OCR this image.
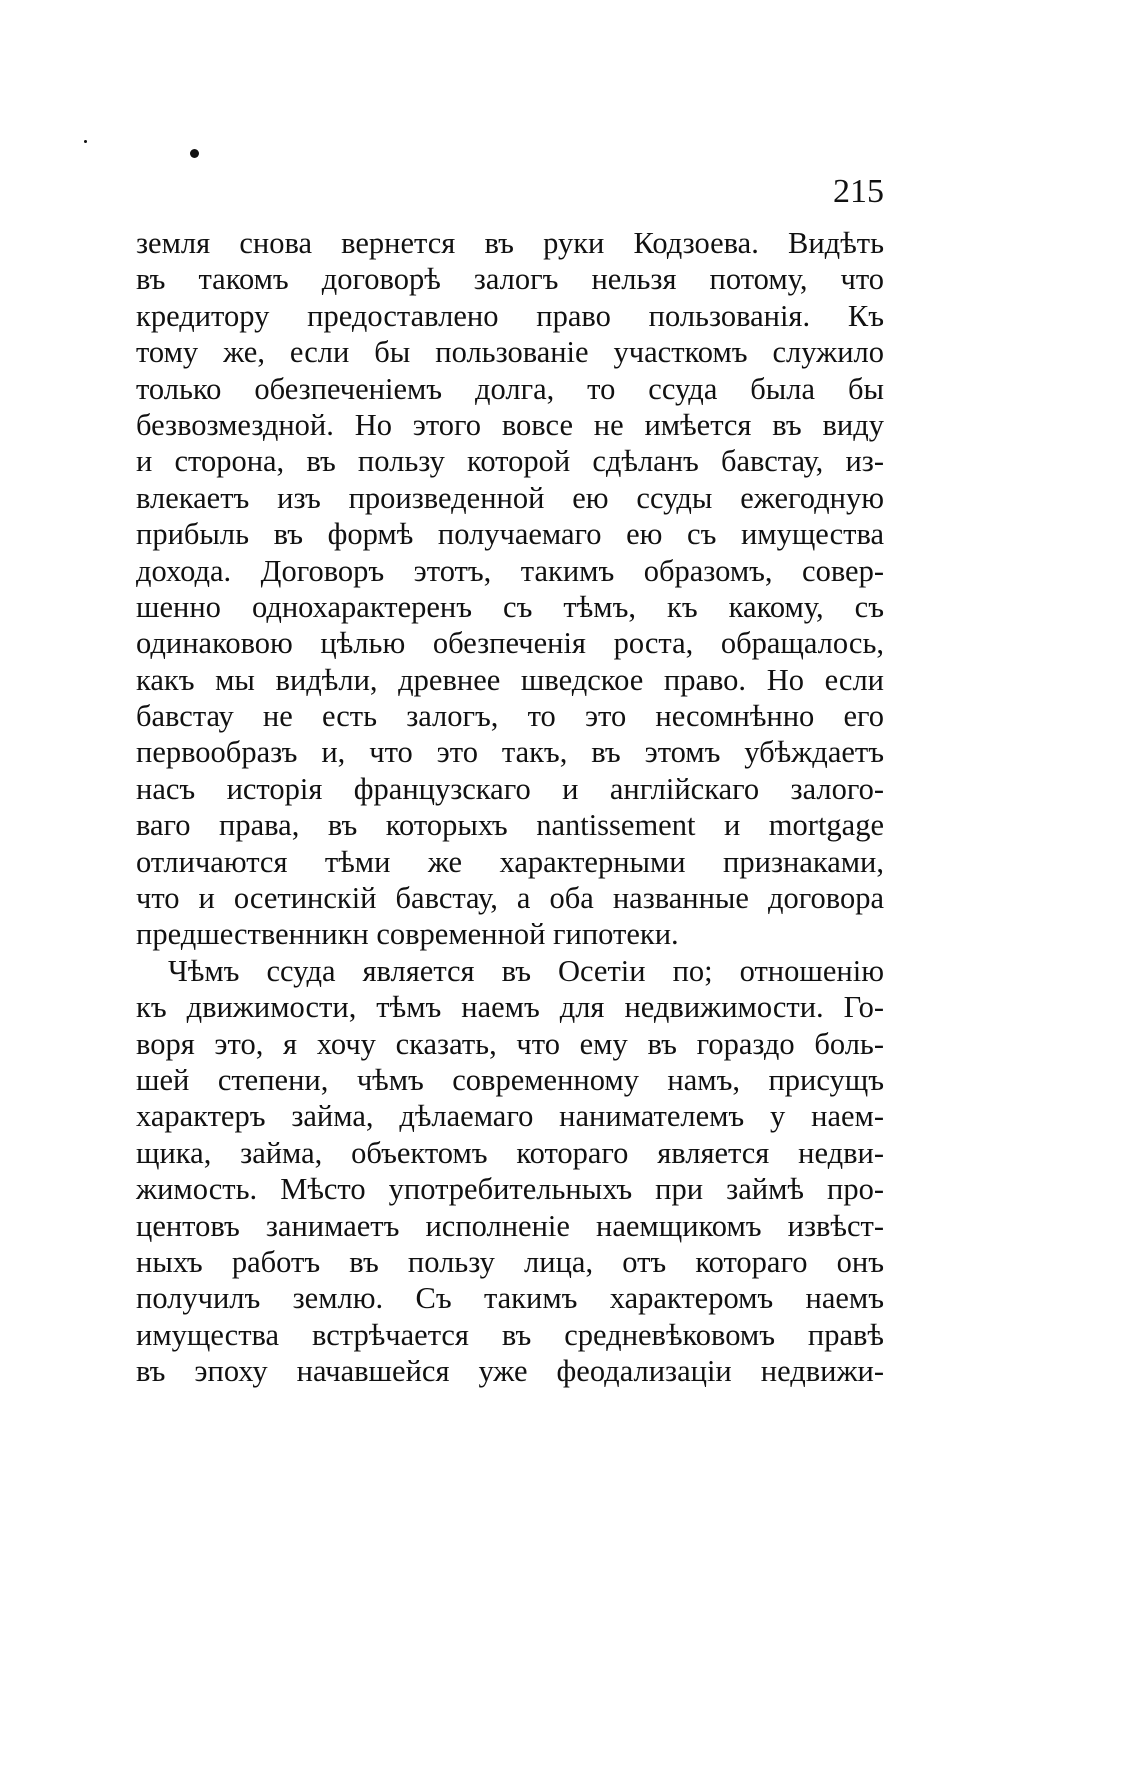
215
земля снова вернется въ руки Кодзоева. Видѣть
въ такомъ договорѣ залогъ нельзя потому, что
кредитору предоставлено право пользованія. Къ
тому же, если бы пользованіе участкомъ служило
только обезпеченіемъ долга, то ссуда была бы
безвозмездной. Но этого вовсе не имѣется въ виду
и сторона, въ пользу которой сдѣланъ бавстау, из-
влекаетъ изъ произведенной ею ссуды ежегодную
прибыль въ формѣ получаемаго ею съ имущества
дохода. Договоръ этотъ, такимъ образомъ, совер-
шенно однохарактеренъ съ тѣмъ, къ какому, съ
одинаковою цѣлью обезпеченія роста, обращалось,
какъ мы видѣли, древнее шведское право. Но если
бавстау не есть залогъ, то это несомнѣнно его
первообразъ и, что это такъ, въ этомъ убѣждаетъ
насъ исторія французскаго и англійскаго залого-
ваго права, въ которыхъ nantissement и mortgage
отличаются тѣми же характерными признаками,
что и осетинскій бавстау, а оба названные договора
предшественникн современной гипотеки.
Чѣмъ ссуда является въ Осетіи по; отношенію
къ движимости, тѣмъ наемъ для недвижимости. Го-
воря это, я хочу сказать, что ему въ гораздо боль-
шей степени, чѣмъ современному намъ, присущъ
характеръ займа, дѣлаемаго нанимателемъ у наем-
щика, займа, объектомъ котораго является недви-
жимость. Мѣсто употребительныхъ при займѣ про-
центовъ занимаетъ исполненіе наемщикомъ извѣст-
ныхъ работъ въ пользу лица, отъ котораго онъ
получилъ землю. Съ такимъ характеромъ наемъ
имущества встрѣчается въ средневѣковомъ правѣ
въ эпоху начавшейся уже феодализаціи недвижи-
